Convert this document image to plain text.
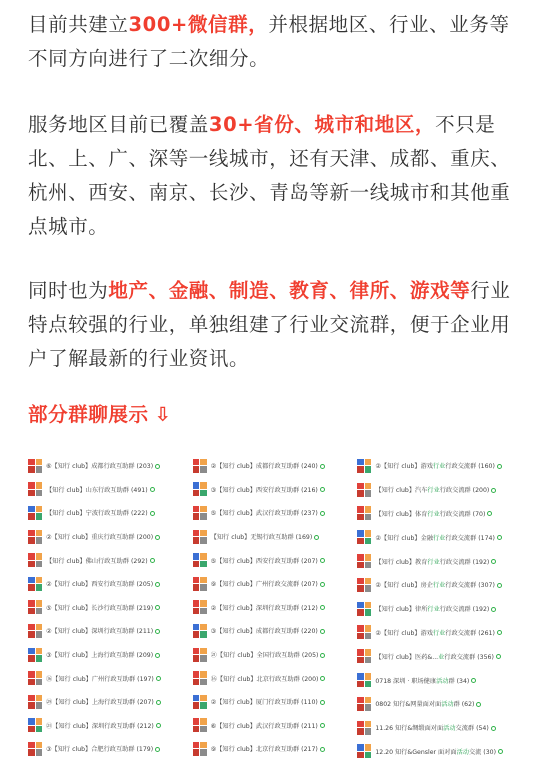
目前共建立300+微信群，并根据地区、行业、业务等不同方向进行了二次细分。

服务地区目前已覆盖30+省份、城市和地区，不只是北、上、广、深等一线城市，还有天津、成都、重庆、杭州、西安、南京、长沙、青岛等新一线城市和其他重点城市。

同时也为地产、金融、制造、教育、律所、游戏等行业特点较强的行业，单独组建了行业交流群，便于企业用户了解最新的行业资讯。

部分群聊展示 ⇩
⑥【知行 club】成都行政互助群 (203)
【知行 club】山东行政互助群 (491)
【知行 club】宁波行政互助群 (222)
②【知行 club】重庆行政互助群 (200)
【知行 club】佛山行政互助群 (292)
②【知行 club】西安行政互助群 (205)
⑤【知行 club】长沙行政互助群 (219)
②【知行 club】深圳行政互助群 (211)
③【知行 club】上海行政互助群 (209)
⑯【知行 club】广州行政互助群 (197)
㉙【知行 club】上海行政互助群 (207)
㉑【知行 club】深圳行政互助群 (212)
③【知行 club】合肥行政互助群 (179)
②【知行 club】成都行政互助群 (240)
③【知行 club】西安行政互助群 (216)
⑤【知行 club】武汉行政互助群 (237)
【知行 club】无锡行政互助群 (169)
⑤【知行 club】西安行政互助群 (207)
⑨【知行 club】广州行政交流群 (207)
②【知行 club】深圳行政互助群 (212)
③【知行 club】成都行政互助群 (220)
㉑【知行 club】全国行政互助群 (205)
⑯【知行 club】北京行政互助群 (200)
②【知行 club】厦门行政互助群 (110)
⑥【知行 club】武汉行政互助群 (211)
⑨【知行 club】北京行政互助群 (217)
②【知行 club】游戏行业行政交流群 (160)
【知行 club】汽车行业行政交流群 (200)
【知行 club】体育行业行政交流群 (70)
②【知行 club】金融行业行政交流群 (174)
【知行 club】教育行业行政交流群 (192)
②【知行 club】房企行业行政交流群 (307)
【知行 club】律所行业行政交流群 (192)
②【知行 club】游戏行业行政交流群 (261)
【知行 club】医药&...业行政交流群 (356)
0718 深圳 · 职场健康活动群 (34)
0802 知行&网量面对面活动群 (62)
11.26 知行&绸缎面对面活动交流群 (54)
12.20 知行&Gensler 面对面活动交流 (30)
